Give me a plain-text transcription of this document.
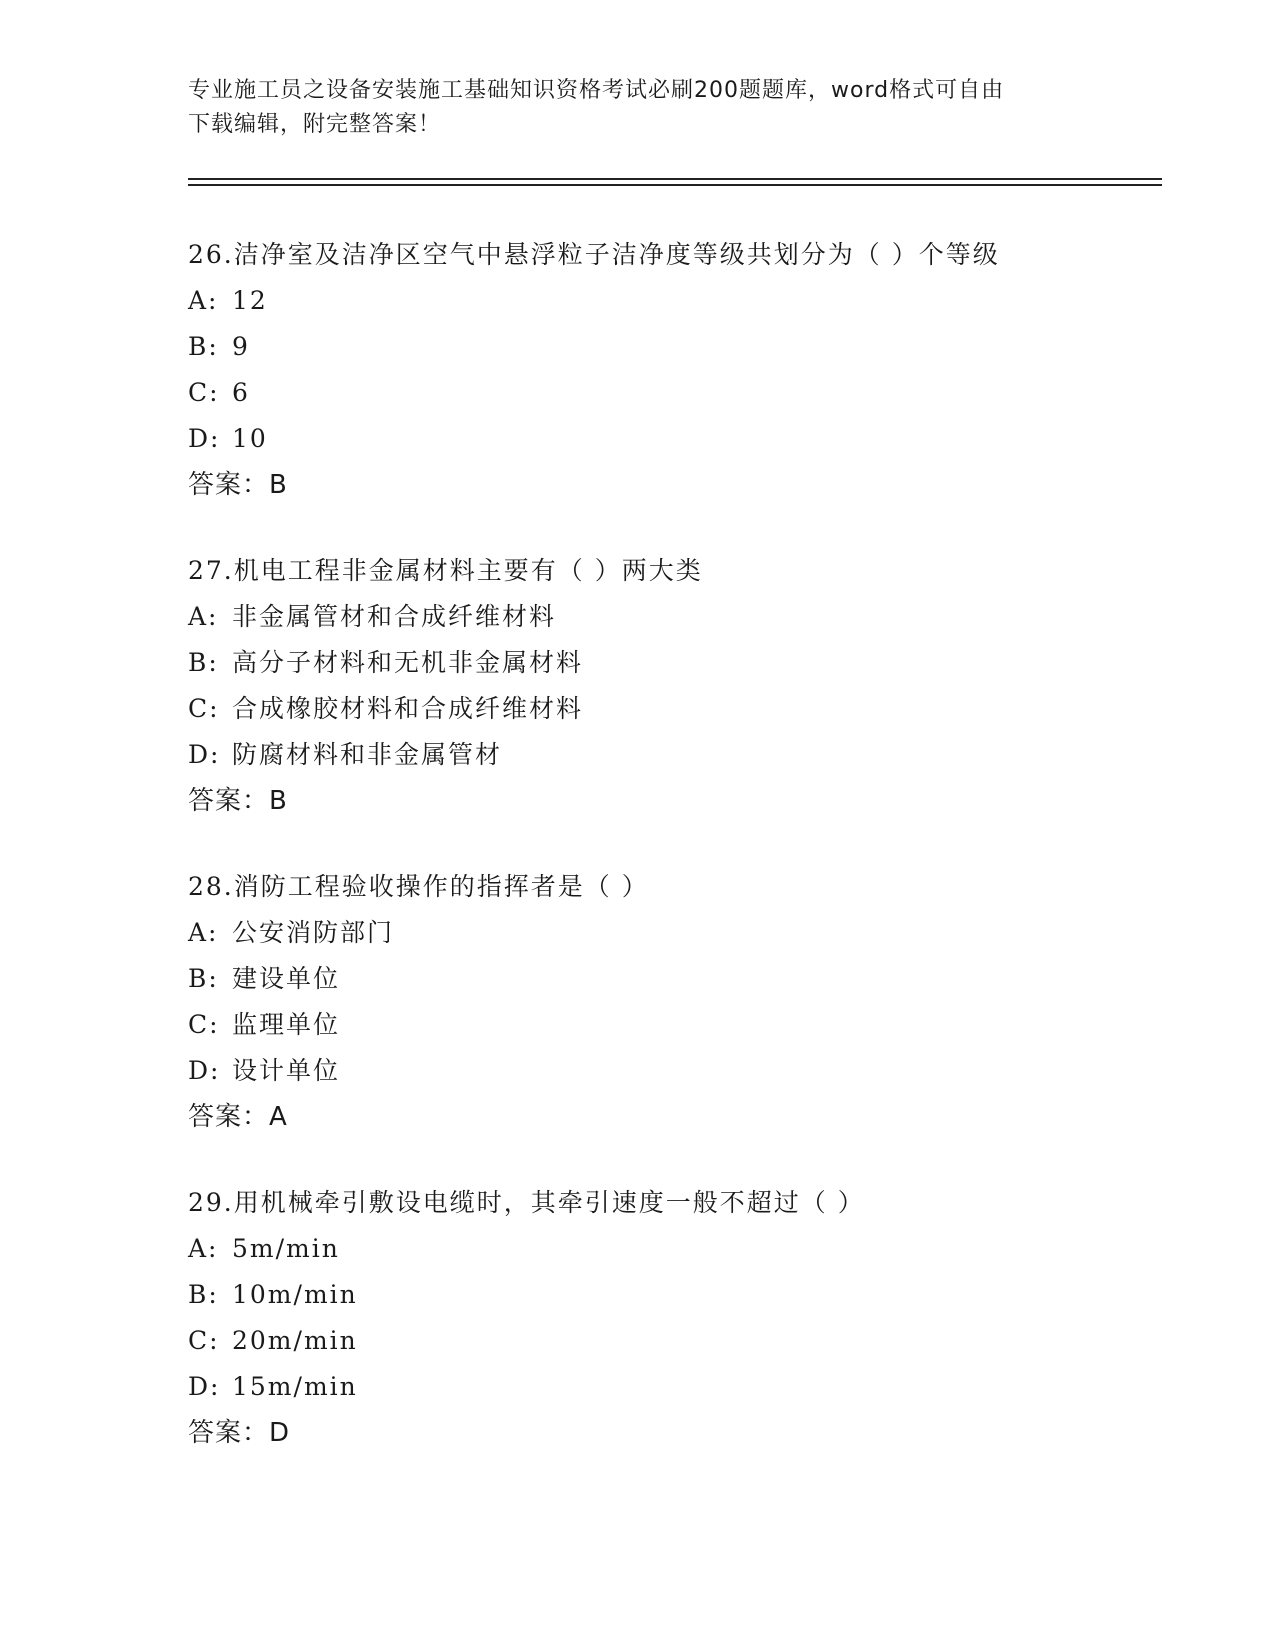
专业施工员之设备安装施工基础知识资格考试必刷200题题库，word格式可自由
下载编辑，附完整答案！
26.洁净室及洁净区空气中悬浮粒子洁净度等级共划分为（ ）个等级
A: 12
B: 9
C: 6
D: 10
答案：B
27.机电工程非金属材料主要有（ ）两大类
A: 非金属管材和合成纤维材料
B: 高分子材料和无机非金属材料
C: 合成橡胶材料和合成纤维材料
D: 防腐材料和非金属管材
答案：B
28.消防工程验收操作的指挥者是（ ）
A: 公安消防部门
B: 建设单位
C: 监理单位
D: 设计单位
答案：A
29.用机械牵引敷设电缆时，其牵引速度一般不超过（ ）
A: 5m/min
B: 10m/min
C: 20m/min
D: 15m/min
答案：D
